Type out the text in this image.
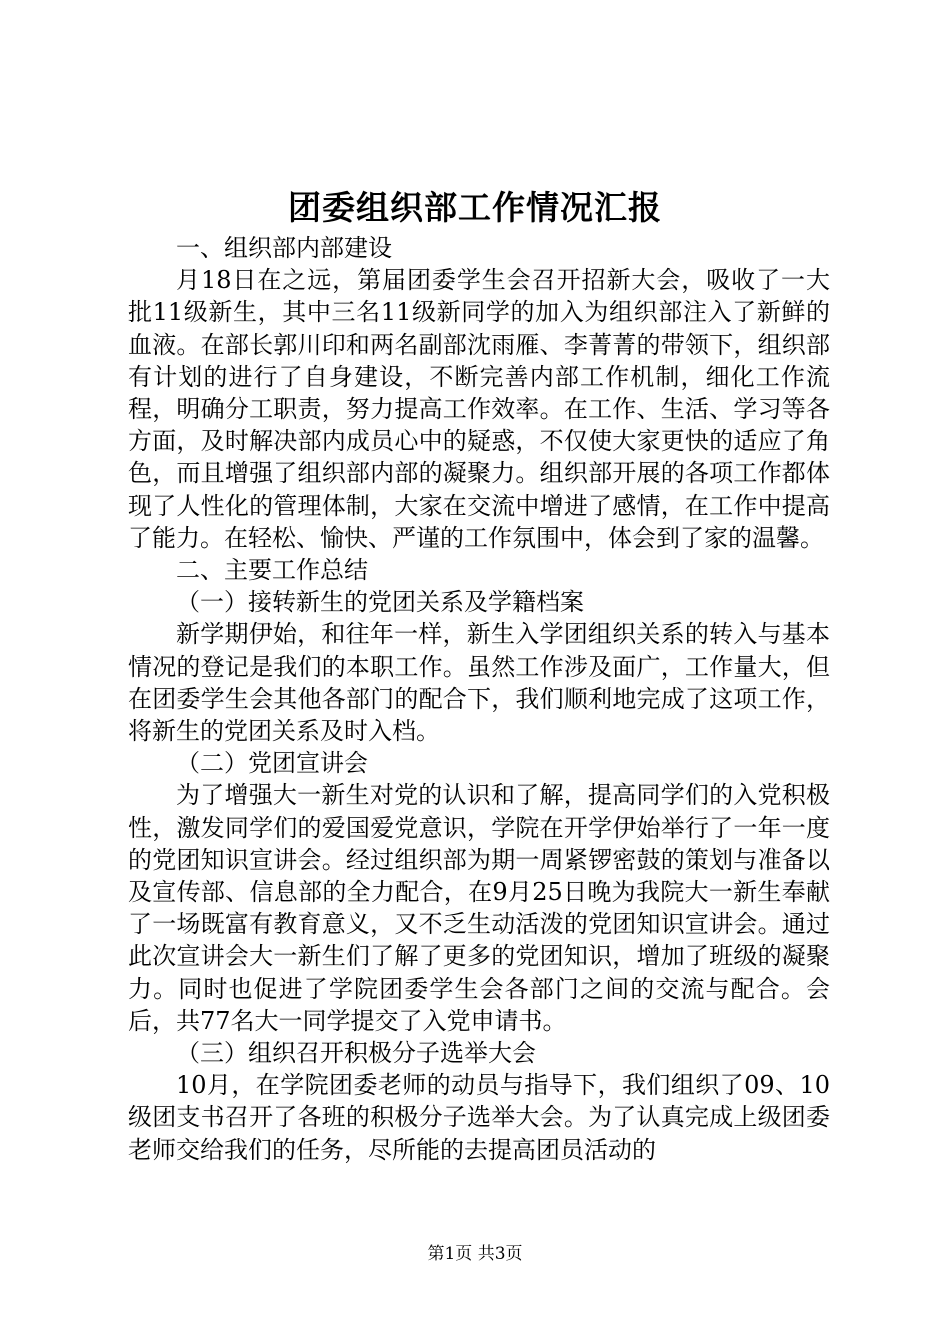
团委组织部工作情况汇报

一、组织部内部建设

月18日在之远，第届团委学生会召开招新大会，吸收了一大批11级新生，其中三名11级新同学的加入为组织部注入了新鲜的血液。在部长郭川印和两名副部沈雨雁、李菁菁的带领下，组织部有计划的进行了自身建设，不断完善内部工作机制，细化工作流程，明确分工职责，努力提高工作效率。在工作、生活、学习等各方面，及时解决部内成员心中的疑惑，不仅使大家更快的适应了角色，而且增强了组织部内部的凝聚力。组织部开展的各项工作都体现了人性化的管理体制，大家在交流中增进了感情，在工作中提高了能力。在轻松、愉快、严谨的工作氛围中，体会到了家的温馨。

二、主要工作总结

（一）接转新生的党团关系及学籍档案

新学期伊始，和往年一样，新生入学团组织关系的转入与基本情况的登记是我们的本职工作。虽然工作涉及面广，工作量大，但在团委学生会其他各部门的配合下，我们顺利地完成了这项工作，将新生的党团关系及时入档。

（二）党团宣讲会

为了增强大一新生对党的认识和了解，提高同学们的入党积极性，激发同学们的爱国爱党意识，学院在开学伊始举行了一年一度的党团知识宣讲会。经过组织部为期一周紧锣密鼓的策划与准备以及宣传部、信息部的全力配合，在9月25日晚为我院大一新生奉献了一场既富有教育意义，又不乏生动活泼的党团知识宣讲会。通过此次宣讲会大一新生们了解了更多的党团知识，增加了班级的凝聚力。同时也促进了学院团委学生会各部门之间的交流与配合。会后，共77名大一同学提交了入党申请书。

（三）组织召开积极分子选举大会

10月，在学院团委老师的动员与指导下，我们组织了09、10级团支书召开了各班的积极分子选举大会。为了认真完成上级团委老师交给我们的任务，尽所能的去提高团员活动的

第1页 共3页
